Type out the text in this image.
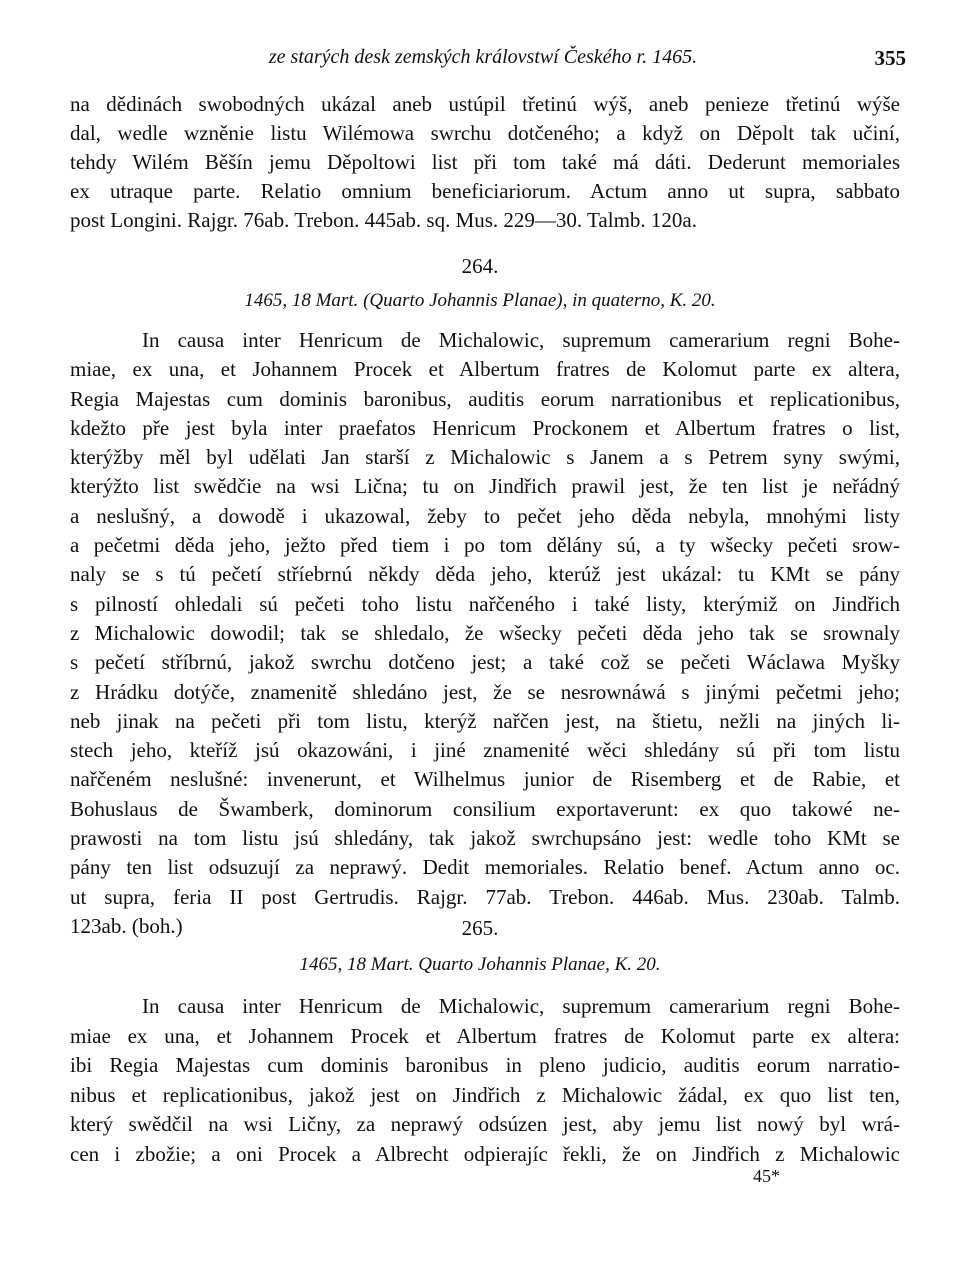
ze starých desk zemských královstwí Českého r. 1465.	355
na dědinách swobodných ukázal aneb ustúpil třetinú wýš, aneb penieze třetinú wýše
dal, wedle wzněnie listu Wilémowa swrchu dotčeného; a když on Děpolt tak učiní,
tehdy Wilém Běšín jemu Děpoltowi list při tom také má dáti. Dederunt memoriales
ex utraque parte. Relatio omnium beneficiariorum. Actum anno ut supra, sabbato
post Longini. Rajgr. 76ab. Trebon. 445ab. sq. Mus. 229—30. Talmb. 120a.
264.
1465, 18 Mart. (Quarto Johannis Planae), in quaterno, K. 20.
In causa inter Henricum de Michalowic, supremum camerarium regni Bohe-
miae, ex una, et Johannem Procek et Albertum fratres de Kolomut parte ex altera,
Regia Majestas cum dominis baronibus, auditis eorum narrationibus et replicationibus,
kdežto pře jest byla inter praefatos Henricum Prockonem et Albertum fratres o list,
kterýžby měl byl udělati Jan starší z Michalowic s Janem a s Petrem syny swými,
kterýžto list swědčie na wsi Lična; tu on Jindřich prawil jest, že ten list je neřádný
a neslušný, a dowodě i ukazowal, žeby to pečet jeho děda nebyla, mnohými listy
a pečetmi děda jeho, ježto před tiem i po tom dělány sú, a ty wšecky pečeti srow-
naly se s tú pečetí stříebrnú někdy děda jeho, kterúž jest ukázal: tu KMt se pány
s pilností ohledali sú pečeti toho listu nařčeného i také listy, kterýmiž on Jindřich
z Michalowic dowodil; tak se shledalo, že wšecky pečeti děda jeho tak se srownaly
s pečetí stříbrnú, jakož swrchu dotčeno jest; a také což se pečeti Wáclawa Myšky
z Hrádku dotýče, znamenitě shledáno jest, že se nesrownáwá s jinými pečetmi jeho;
neb jinak na pečeti při tom listu, kterýž nařčen jest, na štietu, nežli na jiných li-
stech jeho, kteříž jsú okazowáni, i jiné znamenité wěci shledány sú při tom listu
nařčeném neslušné: invenerunt, et Wilhelmus junior de Risemberg et de Rabie, et
Bohuslaus de Šwamberk, dominorum consilium exportaverunt: ex quo takowé ne-
prawosti na tom listu jsú shledány, tak jakož swrchupsáno jest: wedle toho KMt se
pány ten list odsuzují za neprawý. Dedit memoriales. Relatio benef. Actum anno oc.
ut supra, feria II post Gertrudis. Rajgr. 77ab. Trebon. 446ab. Mus. 230ab. Talmb.
123ab. (boh.)	265.
1465, 18 Mart. Quarto Johannis Planae, K. 20.
In causa inter Henricum de Michalowic, supremum camerarium regni Bohe-
miae ex una, et Johannem Procek et Albertum fratres de Kolomut parte ex altera:
ibi Regia Majestas cum dominis baronibus in pleno judicio, auditis eorum narratio-
nibus et replicationibus, jakož jest on Jindřich z Michalowic žádal, ex quo list ten,
který swědčil na wsi Ličny, za neprawý odsúzen jest, aby jemu list nowý byl wrá-
cen i zbožie; a oni Procek a Albrecht odpierajíc řekli, že on Jindřich z Michalowic
45*
